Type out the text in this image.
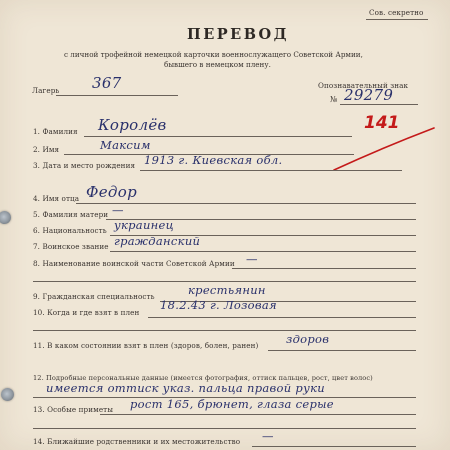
Сов. секретно
ПЕРЕВОД
с личной трофейной немецкой карточки военнослужащего Советской Армии,
бывшего в немецком плену.
Лагерь 367	Опознавательный знак
№ 29279
141
1. Фамилия Королёв
2. Имя	Максим
3. Дата и место рождения 1913 г. Киевская обл.
4. Имя отца Федор
5. Фамилия матери —
6. Национальность украинец
7. Воинское звание гражданский
8. Наименование воинской части Советской Армии —
9. Гражданская специальность	крестьянин
10. Когда и где взят в плен
18.2.43 г. Лозовая
11. В каком состоянии взят в плен (здоров, болен, ранен) здоров
12. Подробные персональные данные (имеется фотография, оттиск пальцев, рост, цвет волос)
имеется оттиск указ. пальца правой руки
13. Особые приметы рост 165, брюнет, глаза серые
14. Ближайшие родственники и их местожительство —
